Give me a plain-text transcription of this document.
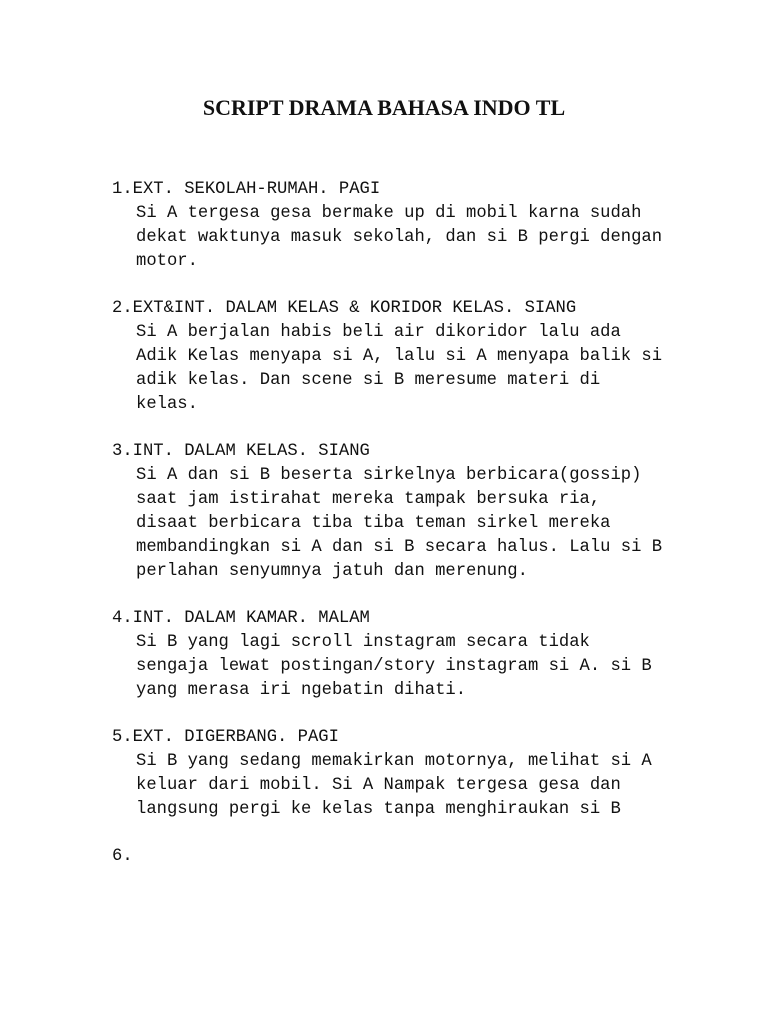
SCRIPT DRAMA BAHASA INDO TL
1.EXT. SEKOLAH-RUMAH. PAGI
Si A tergesa gesa bermake up di mobil karna sudah
dekat waktunya masuk sekolah, dan si B pergi dengan
motor.
2.EXT&INT. DALAM KELAS & KORIDOR KELAS. SIANG
Si A berjalan habis beli air dikoridor lalu ada
Adik Kelas menyapa si A, lalu si A menyapa balik si
adik kelas. Dan scene si B meresume materi di
kelas.
3.INT. DALAM KELAS. SIANG
Si A dan si B beserta sirkelnya berbicara(gossip)
saat jam istirahat mereka tampak bersuka ria,
disaat berbicara tiba tiba teman sirkel mereka
membandingkan si A dan si B secara halus. Lalu si B
perlahan senyumnya jatuh dan merenung.
4.INT. DALAM KAMAR. MALAM
Si B yang lagi scroll instagram secara tidak
sengaja lewat postingan/story instagram si A. si B
yang merasa iri ngebatin dihati.
5.EXT. DIGERBANG. PAGI
Si B yang sedang memakirkan motornya, melihat si A
keluar dari mobil. Si A Nampak tergesa gesa dan
langsung pergi ke kelas tanpa menghiraukan si B
6.
